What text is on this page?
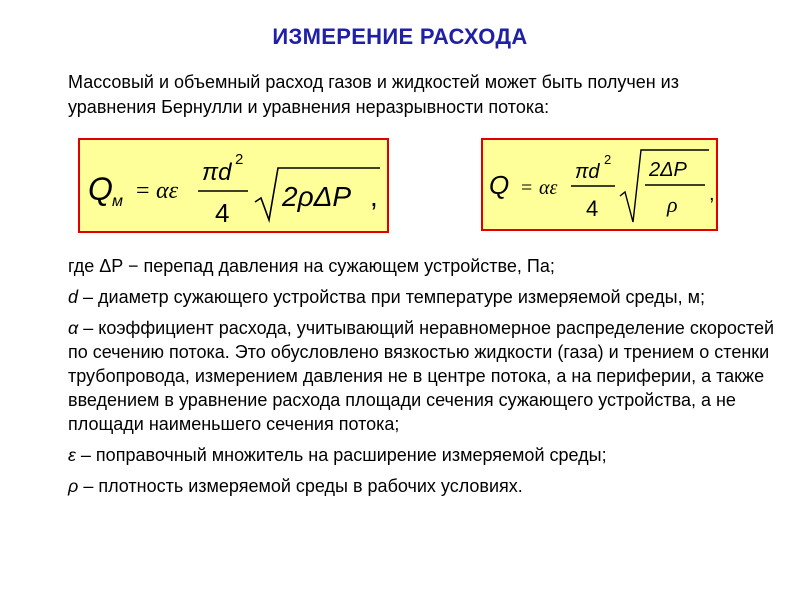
ИЗМЕРЕНИЕ РАСХОДА
Массовый и объемный расход газов и жидкостей может быть получен из уравнения Бернулли и уравнения неразрывности потока:
Q м = αε
πd 2
4
2ρΔP ,	Q = αε
πd
2
4
2ΔP
ρ ,

где ΔP − перепад давления на сужающем устройстве, Па;

d – диаметр сужающего устройства при температуре измеряемой среды, м;

α – коэффициент расхода, учитывающий неравномерное распределение скоростей по сечению потока. Это обусловлено вязкостью жидкости (газа) и трением о стенки трубопровода, измерением давления не в центре потока, а на периферии, а также введением в уравнение расхода площади сечения сужающего устройства, а не площади наименьшего сечения потока;

ε – поправочный множитель на расширение измеряемой среды;

ρ – плотность измеряемой среды в рабочих условиях.
